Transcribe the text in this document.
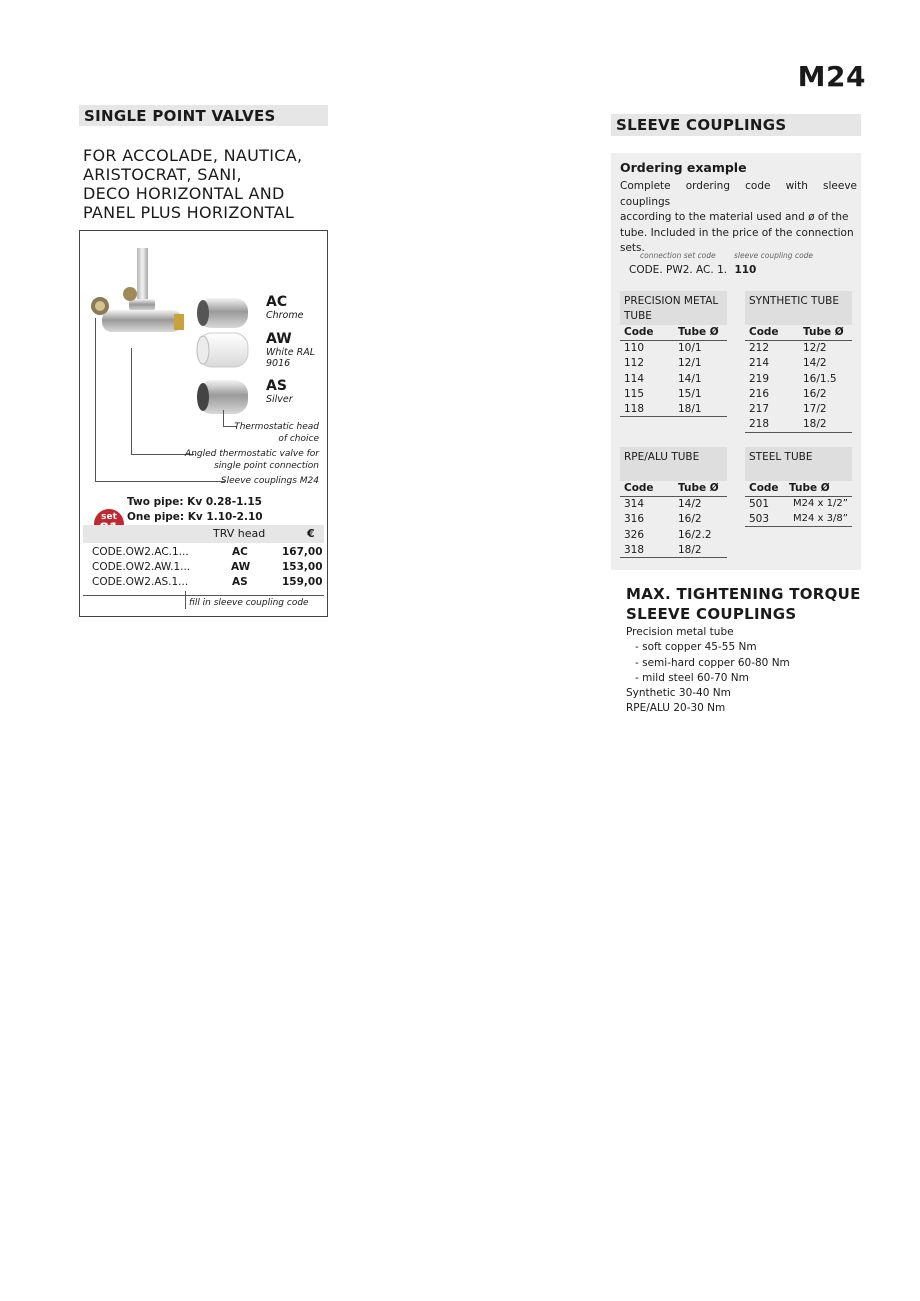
M24
SINGLE POINT VALVES
FOR ACCOLADE, NAUTICA,
ARISTOCRAT, SANI,
DECO HORIZONTAL AND
PANEL PLUS HORIZONTAL
AC
Chrome
AW
White RAL
9016
AS
Silver
Thermostatic head
of choice
Angled thermostatic valve for
single point connection
Sleeve couplings M24
Two pipe: Kv 0.28-1.15
One pipe: Kv 1.10-2.10
set
TRV head	€
CODE.OW2.AC.1...	AC	167,00
CODE.OW2.AW.1...	AW	153,00
CODE.OW2.AS.1...	AS	159,00
fill in sleeve coupling code
SLEEVE COUPLINGS
Ordering example
Complete ordering code with sleeve couplings
according to the material used and ø of the
tube. Included in the price of the connection
sets.
connection set code sleeve coupling code
CODE. PW2. AC. 1. 110
PRECISION METAL
TUBE
Code Tube Ø
110	10/1
112	12/1
114	14/1
115	15/1
118	18/1
SYNTHETIC TUBE
Code Tube Ø
212	12/2
214	14/2
219	16/1.5
216	16/2
217	17/2
218	18/2
RPE/ALU TUBE
Code Tube Ø
314	14/2
316	16/2
326	16/2.2
318	18/2
STEEL TUBE
Code Tube Ø
501 M24 x 1/2”
503 M24 x 3/8”
MAX. TIGHTENING TORQUE
SLEEVE COUPLINGS
Precision metal tube
- soft copper 45-55 Nm
- semi-hard copper 60-80 Nm
- mild steel 60-70 Nm
Synthetic 30-40 Nm
RPE/ALU 20-30 Nm
